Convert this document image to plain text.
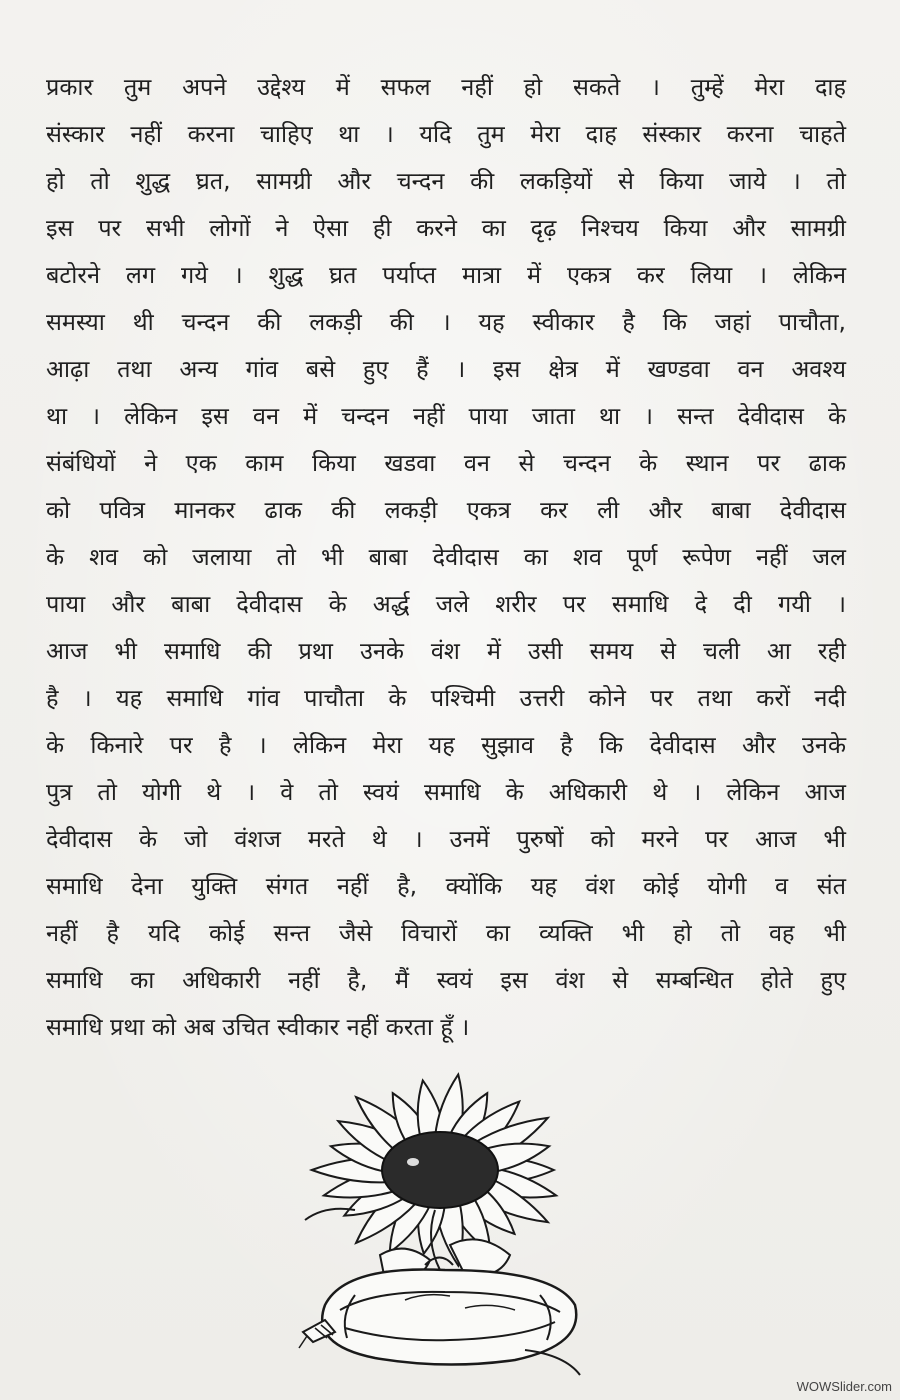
प्रकार तुम अपने उद्देश्य में सफल नहीं हो सकते । तुम्हें मेरा दाह
संस्कार नहीं करना चाहिए था । यदि तुम मेरा दाह संस्कार करना चाहते
हो तो शुद्ध घ्रत, सामग्री और चन्दन की लकड़ियों से किया जाये । तो
इस पर सभी लोगों ने ऐसा ही करने का दृढ़ निश्चय किया और सामग्री
बटोरने लग गये । शुद्ध घ्रत पर्याप्त मात्रा में एकत्र कर लिया । लेकिन
समस्या थी चन्दन की लकड़ी की । यह स्वीकार है कि जहां पाचौता,
आढ़ा तथा अन्य गांव बसे हुए हैं । इस क्षेत्र में खण्डवा वन अवश्य
था । लेकिन इस वन में चन्दन नहीं पाया जाता था । सन्त देवीदास के
संबंधियों ने एक काम किया खडवा वन से चन्दन के स्थान पर ढाक
को पवित्र मानकर ढाक की लकड़ी एकत्र कर ली और बाबा देवीदास
के शव को जलाया तो भी बाबा देवीदास का शव पूर्ण रूपेण नहीं जल
पाया और बाबा देवीदास के अर्द्ध जले शरीर पर समाधि दे दी गयी ।
आज भी समाधि की प्रथा उनके वंश में उसी समय से चली आ रही
है । यह समाधि गांव पाचौता के पश्चिमी उत्तरी कोने पर तथा करों नदी
के किनारे पर है । लेकिन मेरा यह सुझाव है कि देवीदास और उनके
पुत्र तो योगी थे । वे तो स्वयं समाधि के अधिकारी थे । लेकिन आज
देवीदास के जो वंशज मरते थे । उनमें पुरुषों को मरने पर आज भी
समाधि देना युक्ति संगत नहीं है, क्योंकि यह वंश कोई योगी व संत
नहीं है यदि कोई सन्त जैसे विचारों का व्यक्ति भी हो तो वह भी
समाधि का अधिकारी नहीं है, मैं स्वयं इस वंश से सम्बन्धित होते हुए
समाधि प्रथा को अब उचित स्वीकार नहीं करता हूँ ।
WOWSlider.com
